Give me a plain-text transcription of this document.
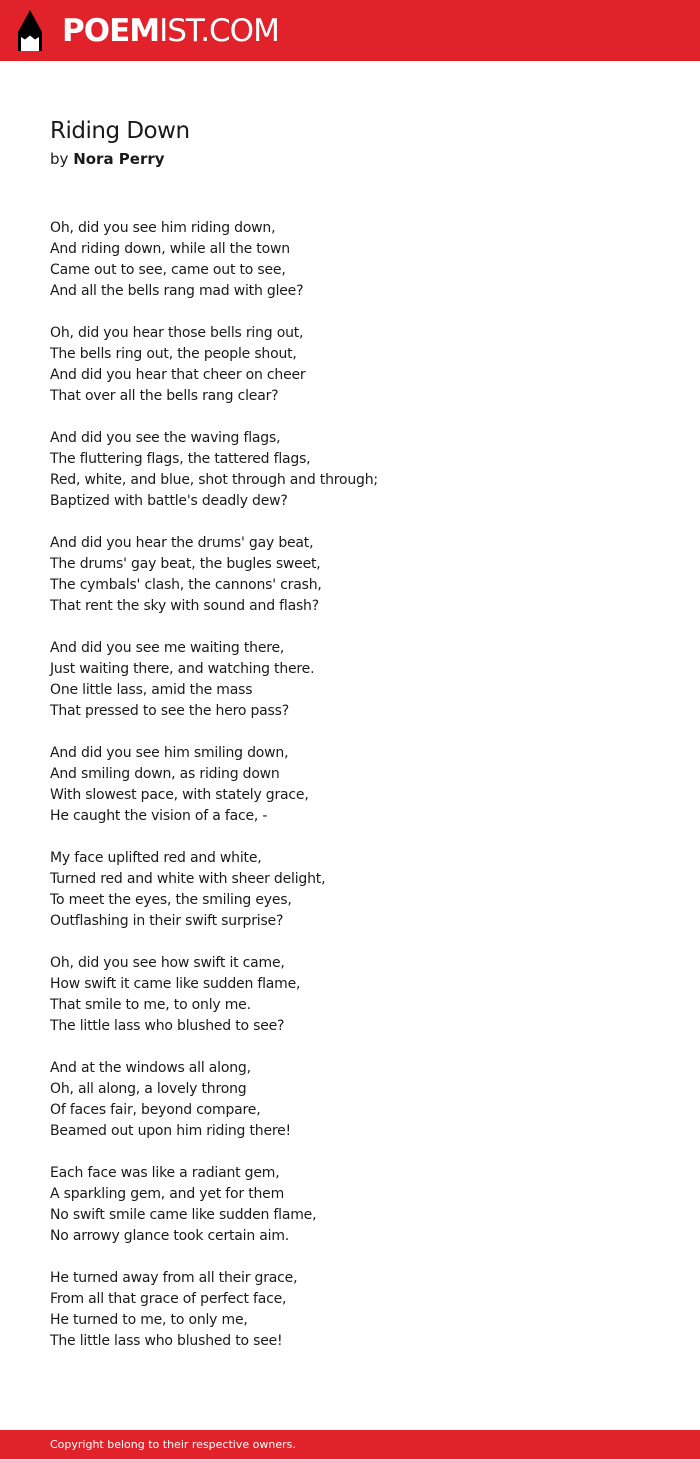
POEMIST.COM
Riding Down
by Nora Perry
Oh, did you see him riding down,
And riding down, while all the town
Came out to see, came out to see,
And all the bells rang mad with glee?
Oh, did you hear those bells ring out,
The bells ring out, the people shout,
And did you hear that cheer on cheer
That over all the bells rang clear?
And did you see the waving flags,
The fluttering flags, the tattered flags,
Red, white, and blue, shot through and through;
Baptized with battle's deadly dew?
And did you hear the drums' gay beat,
The drums' gay beat, the bugles sweet,
The cymbals' clash, the cannons' crash,
That rent the sky with sound and flash?
And did you see me waiting there,
Just waiting there, and watching there.
One little lass, amid the mass
That pressed to see the hero pass?
And did you see him smiling down,
And smiling down, as riding down
With slowest pace, with stately grace,
He caught the vision of a face, -
My face uplifted red and white,
Turned red and white with sheer delight,
To meet the eyes, the smiling eyes,
Outflashing in their swift surprise?
Oh, did you see how swift it came,
How swift it came like sudden flame,
That smile to me, to only me.
The little lass who blushed to see?
And at the windows all along,
Oh, all along, a lovely throng
Of faces fair, beyond compare,
Beamed out upon him riding there!
Each face was like a radiant gem,
A sparkling gem, and yet for them
No swift smile came like sudden flame,
No arrowy glance took certain aim.
He turned away from all their grace,
From all that grace of perfect face,
He turned to me, to only me,
The little lass who blushed to see!
Copyright belong to their respective owners.
